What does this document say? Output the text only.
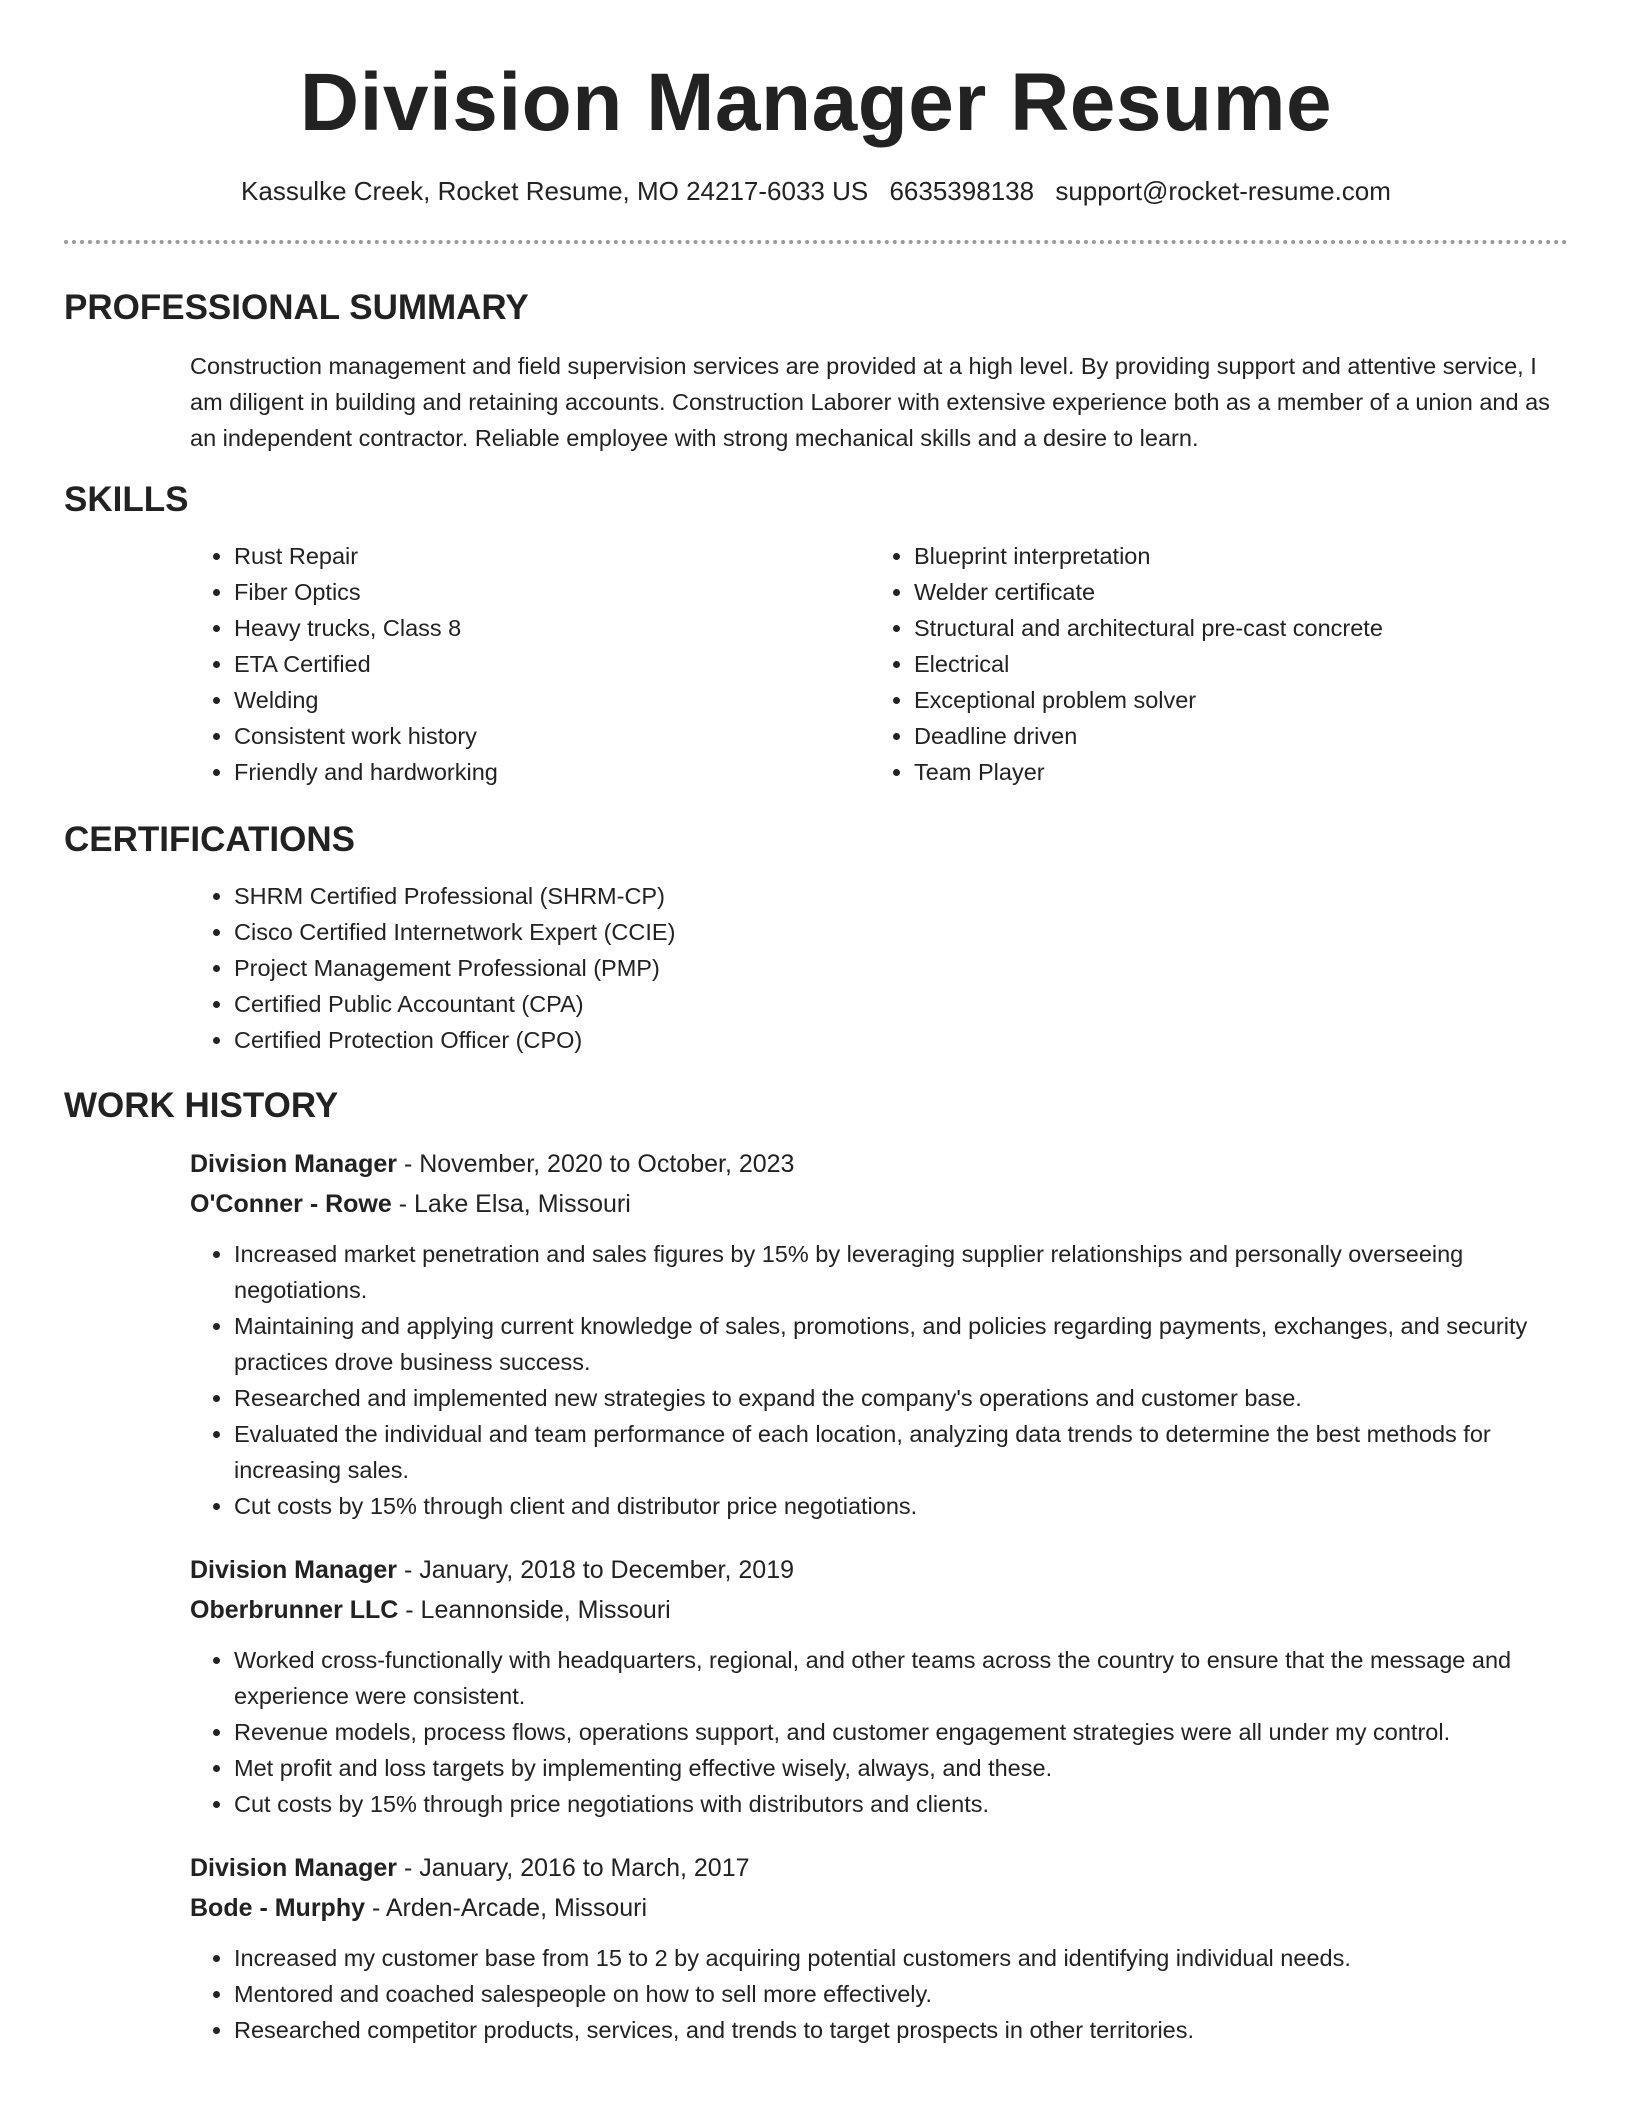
Division Manager Resume
Kassulke Creek, Rocket Resume, MO 24217-6033 US 6635398138 support@rocket-resume.com
PROFESSIONAL SUMMARY
Construction management and field supervision services are provided at a high level. By providing support and attentive service, I am diligent in building and retaining accounts. Construction Laborer with extensive experience both as a member of a union and as an independent contractor. Reliable employee with strong mechanical skills and a desire to learn.
SKILLS
• Rust Repair
• Fiber Optics
• Heavy trucks, Class 8
• ETA Certified
• Welding
• Consistent work history
• Friendly and hardworking
• Blueprint interpretation
• Welder certificate
• Structural and architectural pre-cast concrete
• Electrical
• Exceptional problem solver
• Deadline driven
• Team Player
CERTIFICATIONS
• SHRM Certified Professional (SHRM-CP)
• Cisco Certified Internetwork Expert (CCIE)
• Project Management Professional (PMP)
• Certified Public Accountant (CPA)
• Certified Protection Officer (CPO)
WORK HISTORY
Division Manager - November, 2020 to October, 2023
O'Conner - Rowe - Lake Elsa, Missouri
• Increased market penetration and sales figures by 15% by leveraging supplier relationships and personally overseeing negotiations.
• Maintaining and applying current knowledge of sales, promotions, and policies regarding payments, exchanges, and security practices drove business success.
• Researched and implemented new strategies to expand the company's operations and customer base.
• Evaluated the individual and team performance of each location, analyzing data trends to determine the best methods for increasing sales.
• Cut costs by 15% through client and distributor price negotiations.
Division Manager - January, 2018 to December, 2019
Oberbrunner LLC - Leannonside, Missouri
• Worked cross-functionally with headquarters, regional, and other teams across the country to ensure that the message and experience were consistent.
• Revenue models, process flows, operations support, and customer engagement strategies were all under my control.
• Met profit and loss targets by implementing effective wisely, always, and these.
• Cut costs by 15% through price negotiations with distributors and clients.
Division Manager - January, 2016 to March, 2017
Bode - Murphy - Arden-Arcade, Missouri
• Increased my customer base from 15 to 2 by acquiring potential customers and identifying individual needs.
• Mentored and coached salespeople on how to sell more effectively.
• Researched competitor products, services, and trends to target prospects in other territories.
